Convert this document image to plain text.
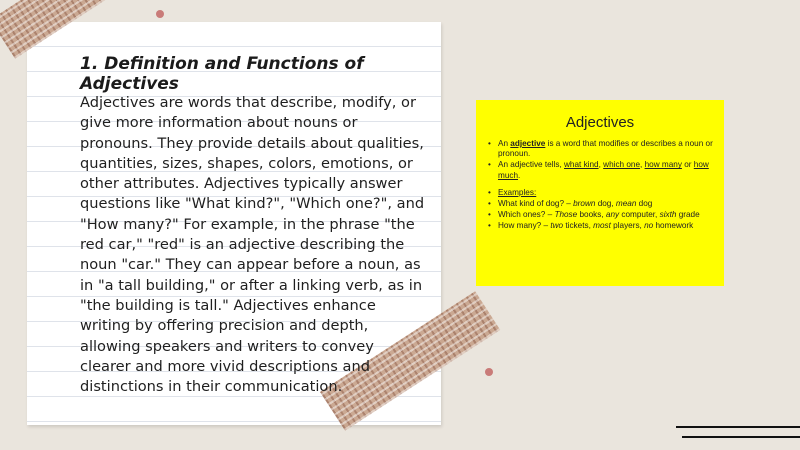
1. Definition and Functions of Adjectives

Adjectives are words that describe, modify, or give more information about nouns or pronouns. They provide details about qualities, quantities, sizes, shapes, colors, emotions, or other attributes. Adjectives typically answer questions like "What kind?", "Which one?", and "How many?" For example, in the phrase "the red car," "red" is an adjective describing the noun "car." They can appear before a noun, as in "a tall building," or after a linking verb, as in "the building is tall." Adjectives enhance writing by offering precision and depth, allowing speakers and writers to convey clearer and more vivid descriptions and distinctions in their communication.

Adjectives
• An adjective is a word that modifies or describes a noun or pronoun.
• An adjective tells, what kind, which one, how many or how much.
• Examples:
• What kind of dog? – brown dog, mean dog
• Which ones? – Those books, any computer, sixth grade
• How many? – two tickets, most players, no homework
